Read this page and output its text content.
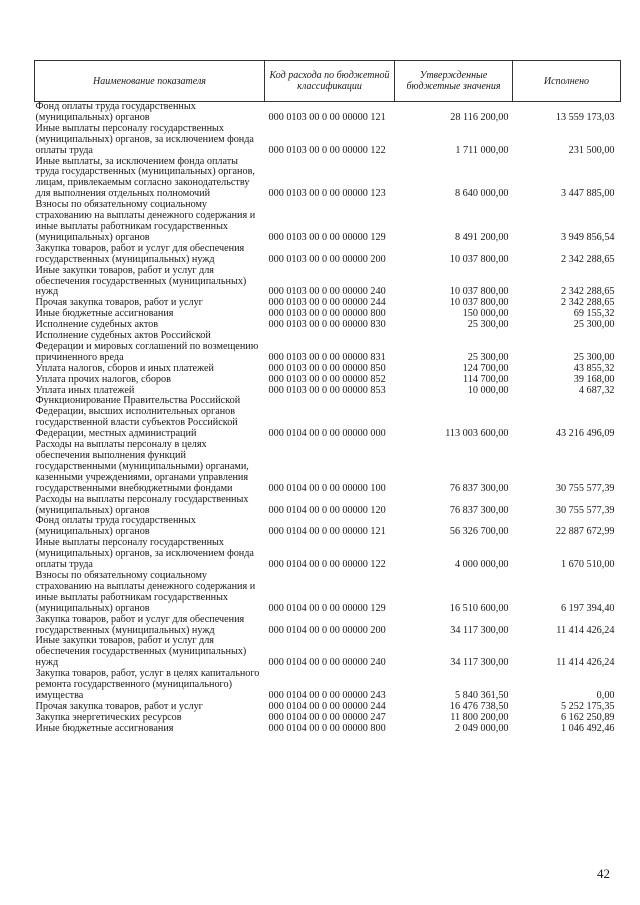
Наименование показателя	Код расхода по бюджетной классификации	Утвержденные бюджетные значения	Исполнено
Фонд оплаты труда государственных (муниципальных) органов	000 0103 00 0 00 00000 121	28 116 200,00	13 559 173,03
Иные выплаты персоналу государственных (муниципальных) органов, за исключением фонда оплаты труда	000 0103 00 0 00 00000 122	1 711 000,00	231 500,00
Иные выплаты, за исключением фонда оплаты труда государственных (муниципальных) органов, лицам, привлекаемым согласно законодательству для выполнения отдельных полномочий	000 0103 00 0 00 00000 123	8 640 000,00	3 447 885,00
Взносы по обязательному социальному страхованию на выплаты денежного содержания и иные выплаты работникам государственных (муниципальных) органов	000 0103 00 0 00 00000 129	8 491 200,00	3 949 856,54
Закупка товаров, работ и услуг для обеспечения государственных (муниципальных) нужд	000 0103 00 0 00 00000 200	10 037 800,00	2 342 288,65
Иные закупки товаров, работ и услуг для обеспечения государственных (муниципальных) нужд	000 0103 00 0 00 00000 240	10 037 800,00	2 342 288,65
Прочая закупка товаров, работ и услуг	000 0103 00 0 00 00000 244	10 037 800,00	2 342 288,65
Иные бюджетные ассигнования	000 0103 00 0 00 00000 800	150 000,00	69 155,32
Исполнение судебных актов	000 0103 00 0 00 00000 830	25 300,00	25 300,00
Исполнение судебных актов Российской Федерации и мировых соглашений по возмещению причиненного вреда	000 0103 00 0 00 00000 831	25 300,00	25 300,00
Уплата налогов, сборов и иных платежей	000 0103 00 0 00 00000 850	124 700,00	43 855,32
Уплата прочих налогов, сборов	000 0103 00 0 00 00000 852	114 700,00	39 168,00
Уплата иных платежей	000 0103 00 0 00 00000 853	10 000,00	4 687,32
Функционирование Правительства Российской Федерации, высших исполнительных органов государственной власти субъектов Российской Федерации, местных администраций	000 0104 00 0 00 00000 000	113 003 600,00	43 216 496,09
Расходы на выплаты персоналу в целях обеспечения выполнения функций государственными (муниципальными) органами, казенными учреждениями, органами управления государственными внебюджетными фондами	000 0104 00 0 00 00000 100	76 837 300,00	30 755 577,39
Расходы на выплаты персоналу государственных (муниципальных) органов	000 0104 00 0 00 00000 120	76 837 300,00	30 755 577,39
Фонд оплаты труда государственных (муниципальных) органов	000 0104 00 0 00 00000 121	56 326 700,00	22 887 672,99
Иные выплаты персоналу государственных (муниципальных) органов, за исключением фонда оплаты труда	000 0104 00 0 00 00000 122	4 000 000,00	1 670 510,00
Взносы по обязательному социальному страхованию на выплаты денежного содержания и иные выплаты работникам государственных (муниципальных) органов	000 0104 00 0 00 00000 129	16 510 600,00	6 197 394,40
Закупка товаров, работ и услуг для обеспечения государственных (муниципальных) нужд	000 0104 00 0 00 00000 200	34 117 300,00	11 414 426,24
Иные закупки товаров, работ и услуг для обеспечения государственных (муниципальных) нужд	000 0104 00 0 00 00000 240	34 117 300,00	11 414 426,24
Закупка товаров, работ, услуг в целях капитального ремонта государственного (муниципального) имущества	000 0104 00 0 00 00000 243	5 840 361,50	0,00
Прочая закупка товаров, работ и услуг	000 0104 00 0 00 00000 244	16 476 738,50	5 252 175,35
Закупка энергетических ресурсов	000 0104 00 0 00 00000 247	11 800 200,00	6 162 250,89
Иные бюджетные ассигнования	000 0104 00 0 00 00000 800	2 049 000,00	1 046 492,46
42
